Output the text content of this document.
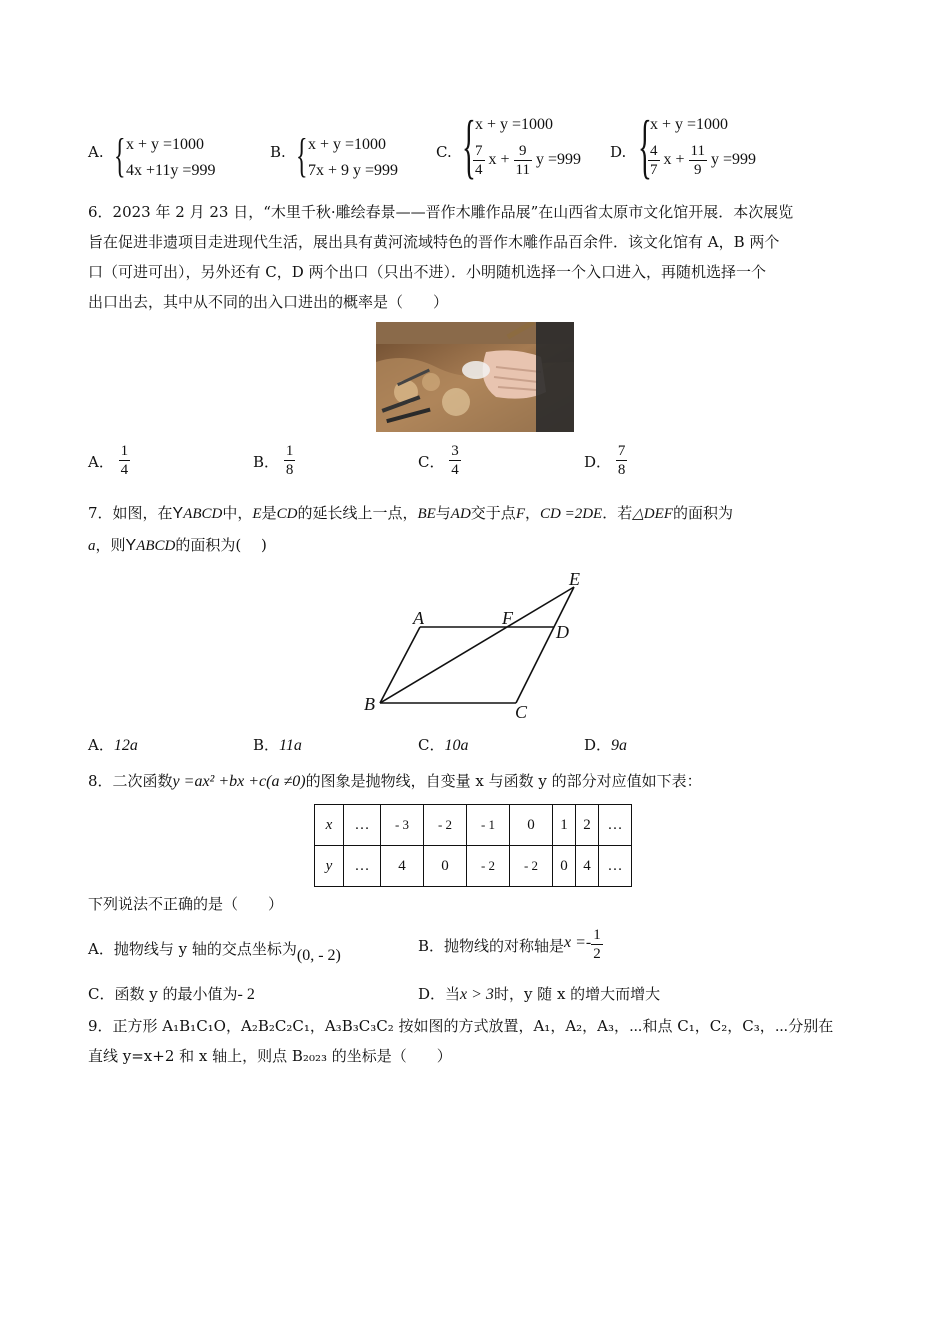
A. { x + y =1000
4x +11y =999
B. { x + y =1000
7x + 9 y =999
C. { x + y =1000
$\frac{7}{4}$ $x + \frac{9}{11}$ y =999 D. {
x + y =1000
$\frac{4}{7}$ $x + \frac{11}{9}$ y =999
6．2023 年 2 月 23 日，“木里千秋·雕绘春景——晋作木雕作品展”在山西省太原市文化馆开展．本次展览
旨在促进非遗项目走进现代生活，展出具有黄河流域特色的晋作木雕作品百余件．该文化馆有 A，B 两个
口（可进可出），另外还有 C，D 两个出口（只出不进）．小明随机选择一个入口进入，再随机选择一个
出口出去，其中从不同的出入口进出的概率是（　　）
A． $\frac{1}{4}$	B． $\frac{1}{8}$	C． $\frac{3}{4}$	D． $\frac{7}{8}$
7．如图，在YABCD中，E是CD的延长线上一点，BE与AD交于点F，CD =2DE．若△DEF的面积为
a，则YABCD的面积为(　 )
A
B	C
D
E
F
A．12a	B．11a	C．10a	D．9a
8．二次函数y =ax² +bx +c(a ≠0)的图象是抛物线，自变量 x 与函数 y 的部分对应值如下表：
x	…	- 3	- 2	- 1	0	1	2	…
y	…	4	0	- 2	- 2	0	4	…
下列说法不正确的是（　　）
A．抛物线与 y 轴的交点坐标为(0, - 2)
B．抛物线的对称轴是$x =- \frac{1}{2}$
C．函数 y 的最小值为- 2	D．当x > 3时，y 随 x 的增大而增大
9．正方形 A₁B₁C₁O，A₂B₂C₂C₁，A₃B₃C₃C₂ 按如图的方式放置，A₁，A₂，A₃，⋯和点 C₁，C₂，C₃，⋯分别在
直线 y=x+2 和 x 轴上，则点 B₂₀₂₃ 的坐标是（　　）
